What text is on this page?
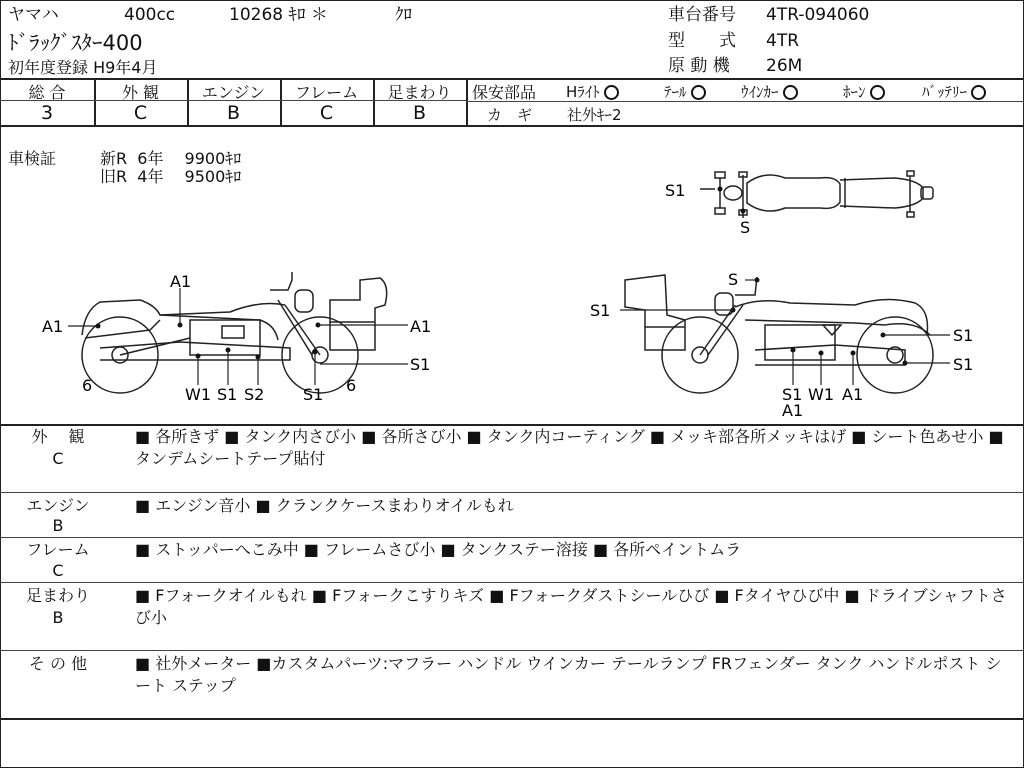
ヤマハ	400cc	10268 ｷﾛ ＊	ｸﾛ
ﾄﾞﾗｯｸﾞｽﾀｰ400
初年度登録 H9年4月
車台番号 4TR-094060
型　　式 4TR
原 動 機 26M
総 合
3
外 観
C
エンジン
B
フレーム
C
足まわり
B
保安部品 Hﾗｲﾄ	ﾃｰﾙ	ｳｲﾝｶｰ	ﾎｰﾝ	ﾊﾞｯﾃﾘｰ
カ　ギ 社外ｷｰ2
車検証	新R  6年　 9900ｷﾛ
旧R  4年　 9500ｷﾛ
S1
S
A1
A1	A1
S1
6	W1 S1 S2 S1 6
S
S1
S1
S1
S1 W1 A1
A1
外　 観
C
■ 各所きず ■ タンク内さび小 ■ 各所さび小 ■ タンク内コーティング ■ メッキ部各所メッキはげ ■ シート色あせ小 ■ タンデムシートテープ貼付
エンジン
B
■ エンジン音小 ■ クランクケースまわりオイルもれ
フレーム
C
■ ストッパーへこみ中 ■ フレームさび小 ■ タンクステー溶接 ■ 各所ペイントムラ
足まわり
B
■ Fフォークオイルもれ ■ Fフォークこすりキズ ■ Fフォークダストシールひび ■ Fタイヤひび中 ■ ドライブシャフトさび小
そ の 他	■ 社外メーター ■カスタムパーツ:マフラー ハンドル ウインカー テールランプ FRフェンダー タンク ハンドルポスト シート ステップ
